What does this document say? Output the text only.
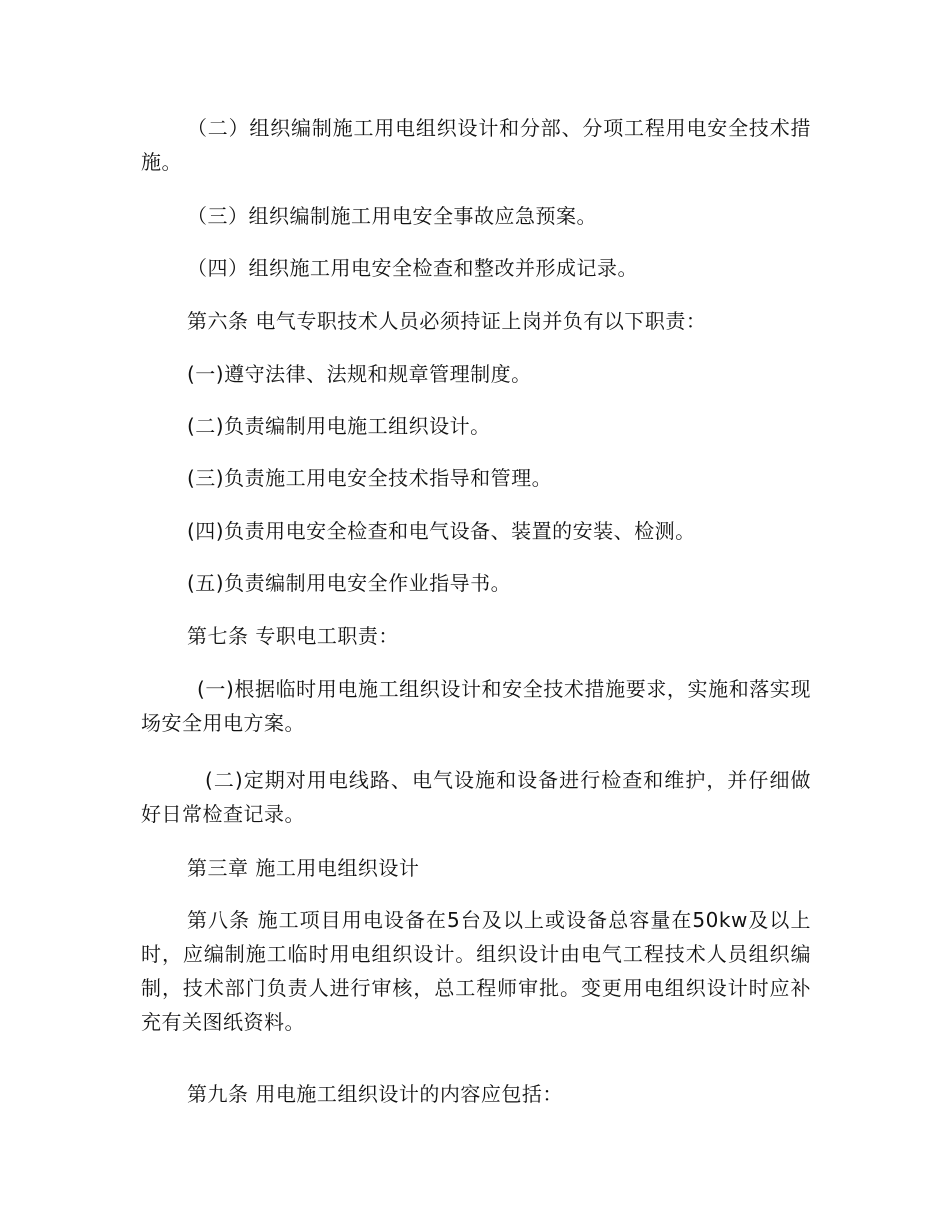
（二）组织编制施工用电组织设计和分部、分项工程用电安全技术措施。

（三）组织编制施工用电安全事故应急预案。

（四）组织施工用电安全检查和整改并形成记录。

第六条 电气专职技术人员必须持证上岗并负有以下职责：

(一)遵守法律、法规和规章管理制度。

(二)负责编制用电施工组织设计。

(三)负责施工用电安全技术指导和管理。

(四)负责用电安全检查和电气设备、装置的安装、检测。

(五)负责编制用电安全作业指导书。

第七条 专职电工职责：

(一)根据临时用电施工组织设计和安全技术措施要求，实施和落实现场安全用电方案。

(二)定期对用电线路、电气设施和设备进行检查和维护，并仔细做好日常检查记录。

第三章 施工用电组织设计

第八条 施工项目用电设备在5台及以上或设备总容量在50kw及以上时，应编制施工临时用电组织设计。组织设计由电气工程技术人员组织编制，技术部门负责人进行审核，总工程师审批。变更用电组织设计时应补充有关图纸资料。

第九条 用电施工组织设计的内容应包括：
